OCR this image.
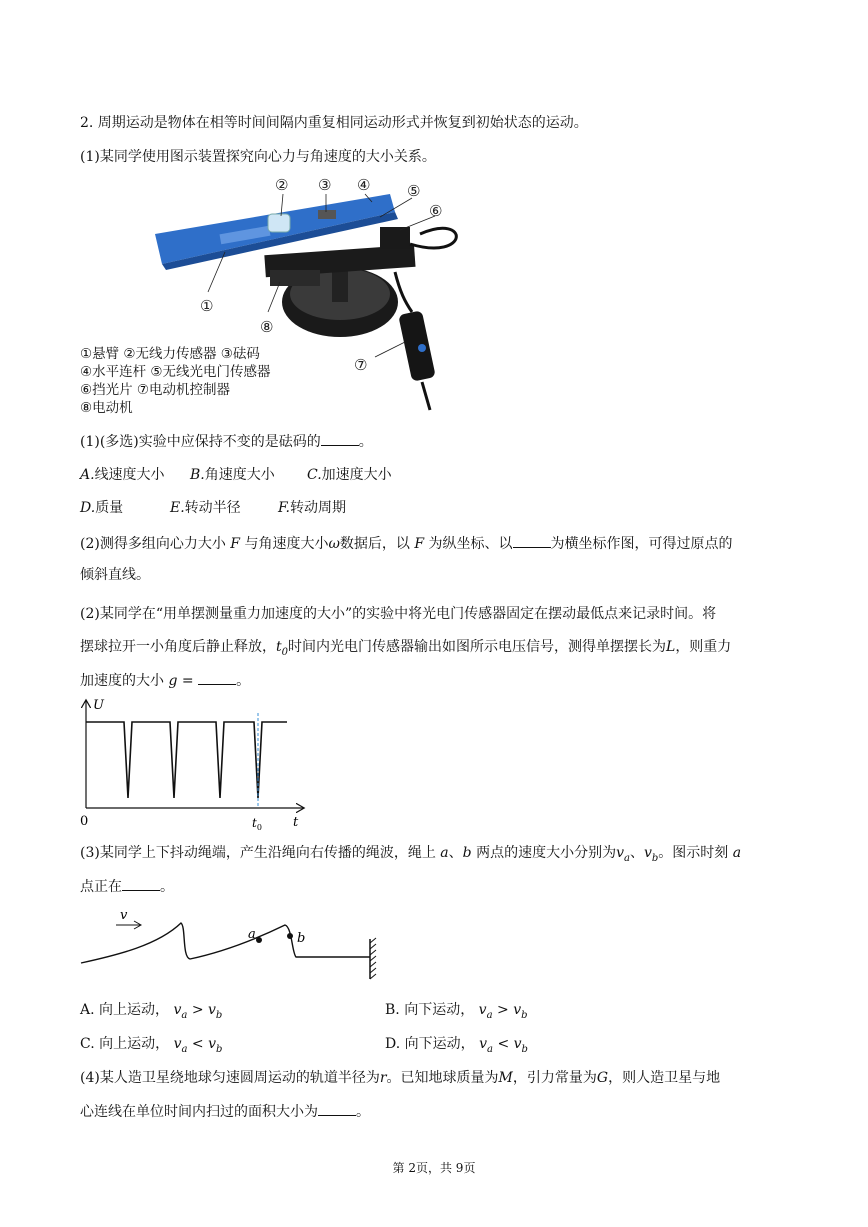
2. 周期运动是物体在相等时间间隔内重复相同运动形式并恢复到初始状态的运动。
(1)某同学使用图示装置探究向心力与角速度的大小关系。
② ③ ④ ⑤
⑥
①
⑧
⑦
①悬臂 ②无线力传感器 ③砝码
④水平连杆 ⑤无线光电门传感器
⑥挡光片 ⑦电动机控制器
⑧电动机
(1)(多选)实验中应保持不变的是砝码的	。
A.线速度大小 B.角速度大小 C.加速度大小
D.质量	E.转动半径	F.转动周期
(2)测得多组向心力大小 F 与角速度大小ω数据后，以 F 为纵坐标、以	为横坐标作图，可得过原点的
倾斜直线。
(2)某同学在“用单摆测量重力加速度的大小”的实验中将光电门传感器固定在摆动最低点来记录时间。将
摆球拉开一小角度后静止释放，$t_0$时间内光电门传感器输出如图所示电压信号，测得单摆摆长为L，则重力
加速度的大小 g =	。
U
t
0	$t_0$
(3)某同学上下抖动绳端，产生沿绳向右传播的绳波，绳上 a、b 两点的速度大小分别为$v_a$、$v_b$。图示时刻 a
点正在	。
v
a	b
A. 向上运动， $v_a > v_b$	B. 向下运动， $v_a > v_b$
C. 向上运动， $v_a < v_b$	D. 向下运动， $v_a < v_b$
(4)某人造卫星绕地球匀速圆周运动的轨道半径为r。已知地球质量为M，引力常量为G，则人造卫星与地
心连线在单位时间内扫过的面积大小为	。
第 2页，共 9页
